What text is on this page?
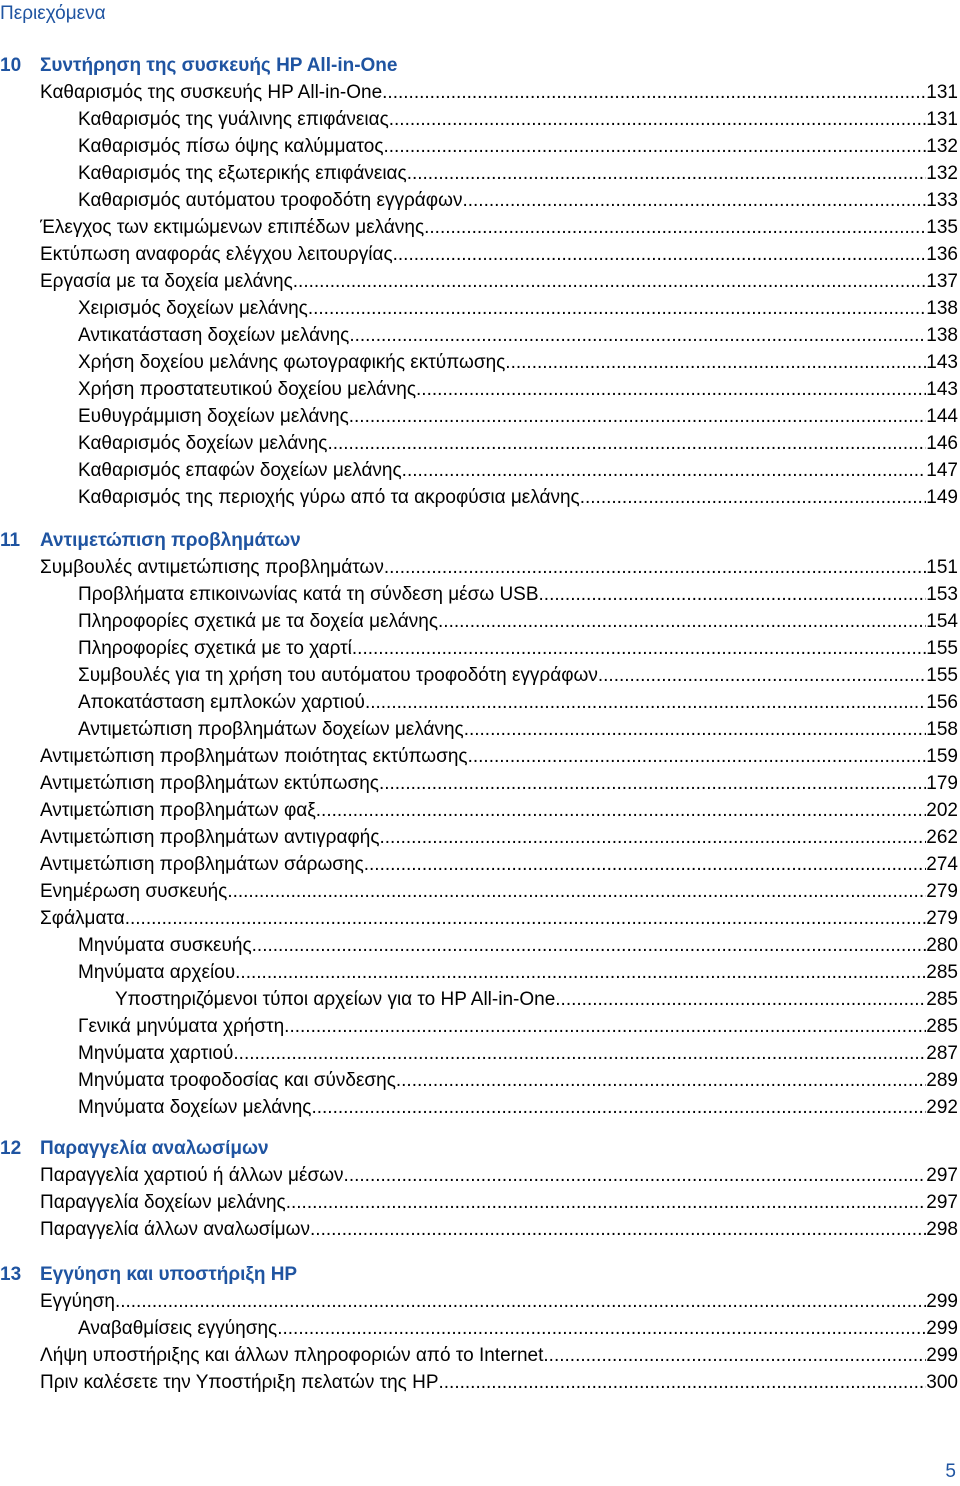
Περιεχόμενα
10 Συντήρηση της συσκευής HP All-in-One
Καθαρισμός της συσκευής HP All-in-One .....	131
Καθαρισμός της γυάλινης επιφάνειας .....	131
Καθαρισμός πίσω όψης καλύμματος .....	132
Καθαρισμός της εξωτερικής επιφάνειας .....	132
Καθαρισμός αυτόματου τροφοδότη εγγράφων .....	133
Έλεγχος των εκτιμώμενων επιπέδων μελάνης .....	135
Εκτύπωση αναφοράς ελέγχου λειτουργίας .....	136
Εργασία με τα δοχεία μελάνης .....	137
Χειρισμός δοχείων μελάνης .....	138
Αντικατάσταση δοχείων μελάνης .....	138
Χρήση δοχείου μελάνης φωτογραφικής εκτύπωσης .....	143
Χρήση προστατευτικού δοχείου μελάνης .....	143
Ευθυγράμμιση δοχείων μελάνης .....	144
Καθαρισμός δοχείων μελάνης .....	146
Καθαρισμός επαφών δοχείων μελάνης .....	147
Καθαρισμός της περιοχής γύρω από τα ακροφύσια μελάνης .....	149
11 Αντιμετώπιση προβλημάτων
Συμβουλές αντιμετώπισης προβλημάτων .....	151
Προβλήματα επικοινωνίας κατά τη σύνδεση μέσω USB .....	153
Πληροφορίες σχετικά με τα δοχεία μελάνης .....	154
Πληροφορίες σχετικά με το χαρτί .....	155
Συμβουλές για τη χρήση του αυτόματου τροφοδότη εγγράφων .....	155
Αποκατάσταση εμπλοκών χαρτιού .....	156
Αντιμετώπιση προβλημάτων δοχείων μελάνης .....	158
Αντιμετώπιση προβλημάτων ποιότητας εκτύπωσης .....	159
Αντιμετώπιση προβλημάτων εκτύπωσης .....	179
Αντιμετώπιση προβλημάτων φαξ .....	202
Αντιμετώπιση προβλημάτων αντιγραφής .....	262
Αντιμετώπιση προβλημάτων σάρωσης .....	274
Ενημέρωση συσκευής .....	279
Σφάλματα .....	279
Μηνύματα συσκευής .....	280
Μηνύματα αρχείου .....	285
Υποστηριζόμενοι τύποι αρχείων για το HP All-in-One .....	285
Γενικά μηνύματα χρήστη .....	285
Μηνύματα χαρτιού .....	287
Μηνύματα τροφοδοσίας και σύνδεσης .....	289
Μηνύματα δοχείων μελάνης .....	292
12 Παραγγελία αναλωσίμων
Παραγγελία χαρτιού ή άλλων μέσων .....	297
Παραγγελία δοχείων μελάνης .....	297
Παραγγελία άλλων αναλωσίμων .....	298
13 Εγγύηση και υποστήριξη HP
Εγγύηση .....	299
Αναβαθμίσεις εγγύησης .....	299
Λήψη υποστήριξης και άλλων πληροφοριών από το Internet .....	299
Πριν καλέσετε την Υποστήριξη πελατών της HP .....	300
5
